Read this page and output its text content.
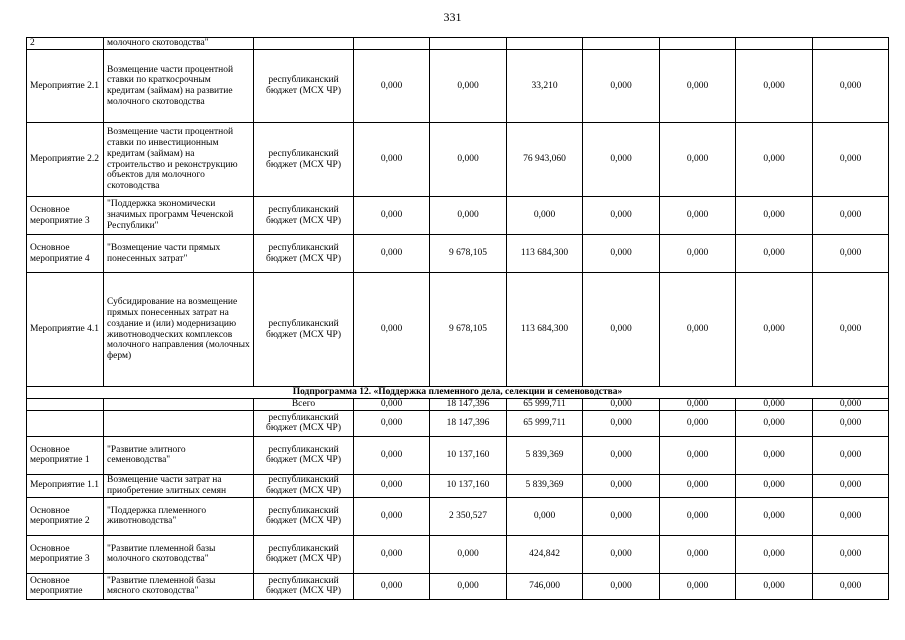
331
2	молочного скотоводства"								
Мероприятие 2.1	Возмещение части процентной ставки по краткосрочным кредитам (займам) на развитие молочного скотоводства	республиканский бюджет (МСХ ЧР)	0,000	0,000	33,210	0,000	0,000	0,000	0,000
Мероприятие 2.2	Возмещение части процентной ставки по инвестиционным кредитам (займам) на строительство и реконструкцию объектов для молочного скотоводства	республиканский бюджет (МСХ ЧР)	0,000	0,000	76 943,060	0,000	0,000	0,000	0,000
Основное мероприятие 3	"Поддержка экономически значимых программ Чеченской Республики"	республиканский бюджет (МСХ ЧР)	0,000	0,000	0,000	0,000	0,000	0,000	0,000
Основное мероприятие 4	"Возмещение части прямых понесенных затрат"	республиканский бюджет (МСХ ЧР)	0,000	9 678,105	113 684,300	0,000	0,000	0,000	0,000
Мероприятие 4.1	Субсидирование на возмещение прямых понесенных затрат на создание и (или) модернизацию животноводческих комплексов молочного направления (молочных ферм)	республиканский бюджет (МСХ ЧР)	0,000	9 678,105	113 684,300	0,000	0,000	0,000	0,000
Подпрограмма 12. «Поддержка племенного дела, селекции и семеноводства»									
		Всего	0,000	18 147,396	65 999,711	0,000	0,000	0,000	0,000
		республиканский бюджет (МСХ ЧР)	0,000	18 147,396	65 999,711	0,000	0,000	0,000	0,000
Основное мероприятие 1	"Развитие элитного семеноводства"	республиканский бюджет (МСХ ЧР)	0,000	10 137,160	5 839,369	0,000	0,000	0,000	0,000
Мероприятие 1.1	Возмещение части затрат на приобретение элитных семян	республиканский бюджет (МСХ ЧР)	0,000	10 137,160	5 839,369	0,000	0,000	0,000	0,000
Основное мероприятие 2	"Поддержка племенного животноводства"	республиканский бюджет (МСХ ЧР)	0,000	2 350,527	0,000	0,000	0,000	0,000	0,000
Основное мероприятие 3	"Развитие племенной базы молочного скотоводства"	республиканский бюджет (МСХ ЧР)	0,000	0,000	424,842	0,000	0,000	0,000	0,000
Основное мероприятие	"Развитие племенной базы мясного скотоводства"	республиканский бюджет (МСХ ЧР)	0,000	0,000	746,000	0,000	0,000	0,000	0,000
